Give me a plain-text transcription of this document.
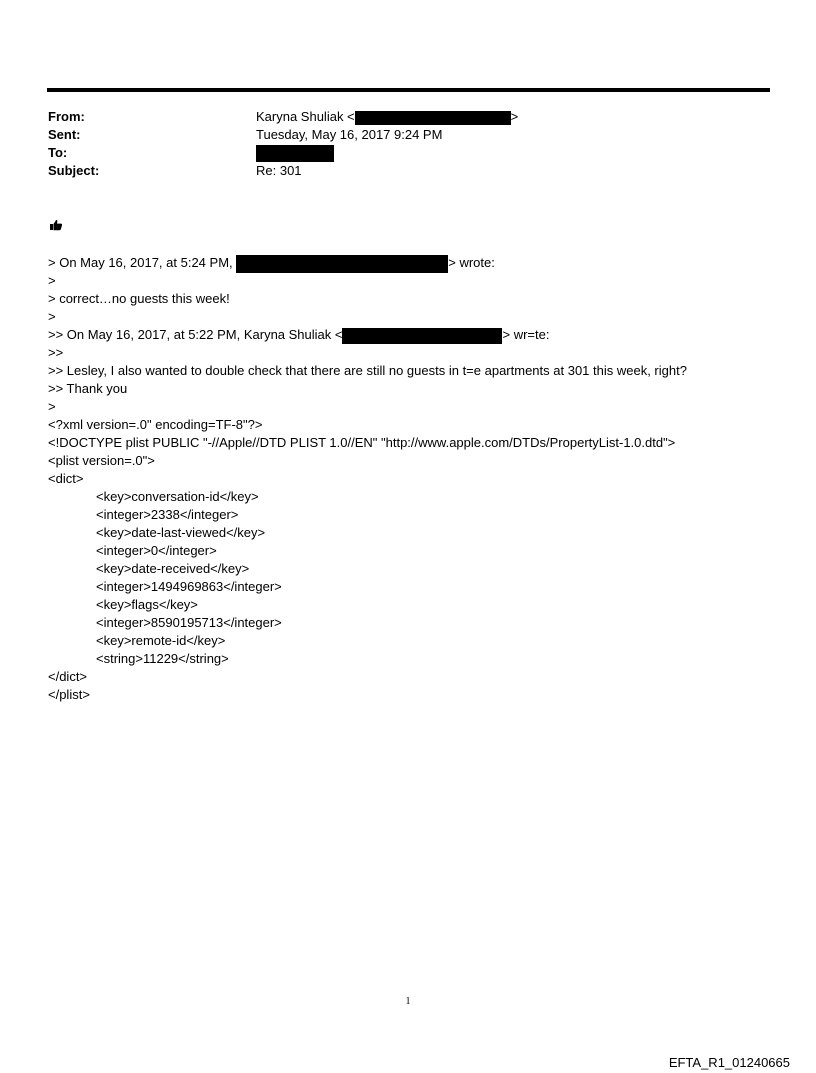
From:	Karyna Shuliak <	>
Sent:	Tuesday, May 16, 2017 9:24 PM
To:
Subject:	Re: 301
> On May 16, 2017, at 5:24 PM,	> wrote:
>
> correct…no guests this week!
>
>> On May 16, 2017, at 5:22 PM, Karyna Shuliak <	> wr=te:
>>
>> Lesley, I also wanted to double check that there are still no guests in t=e apartments at 301 this week, right?
>> Thank you
>
<?xml version=.0" encoding=TF-8"?>
<!DOCTYPE plist PUBLIC "-//Apple//DTD PLIST 1.0//EN" "http://www.apple.com/DTDs/PropertyList-1.0.dtd">
<plist version=.0">
<dict>
<key>conversation-id</key>
<integer>2338</integer>
<key>date-last-viewed</key>
<integer>0</integer>
<key>date-received</key>
<integer>1494969863</integer>
<key>flags</key>
<integer>8590195713</integer>
<key>remote-id</key>
<string>11229</string>
</dict>
</plist>
1
EFTA_R1_01240665
